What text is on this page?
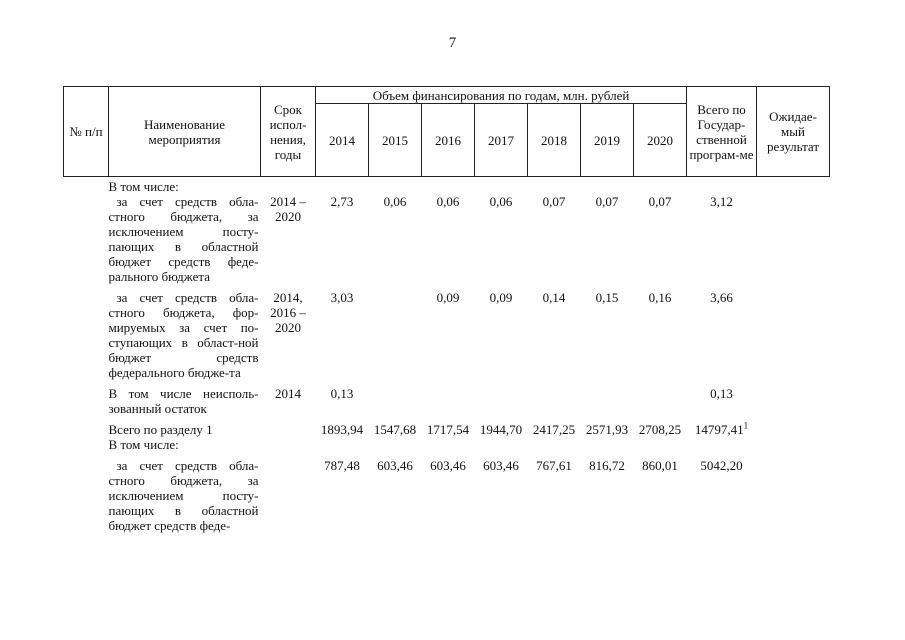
7
№ п/п	Наименование мероприятия	Срок испол-нения, годы	Объем финансирования по годам, млн. рублей							Всего по Государ-ственной програм-ме	Ожидае-мый результат
			2014	2015	2016	2017	2018	2019	2020		
	В том числе:										
	за счет средств обла-стного бюджета, за исключением посту-пающих в областной бюджет средств феде-рального бюджета	2014 – 2020	2,73	0,06	0,06	0,06	0,07	0,07	0,07	3,12	

	за счет средств обла-стного бюджета, фор-мируемых за счет по-ступающих в област-ной бюджет средств федерального бюдже-та	2014, 2016 – 2020	3,03		0,09	0,09	0,14	0,15	0,16	3,66	

	В том числе неисполь-зованный остаток	2014	0,13							0,13	

	Всего по разделу 1		1893,94	1547,68	1717,54	1944,70	2417,25	2571,93	2708,25	14797,41$^1$	
	В том числе:										

	за счет средств обла-стного бюджета, за исключением посту-пающих в областной бюджет средств феде-		787,48	603,46	603,46	603,46	767,61	816,72	860,01	5042,20	
